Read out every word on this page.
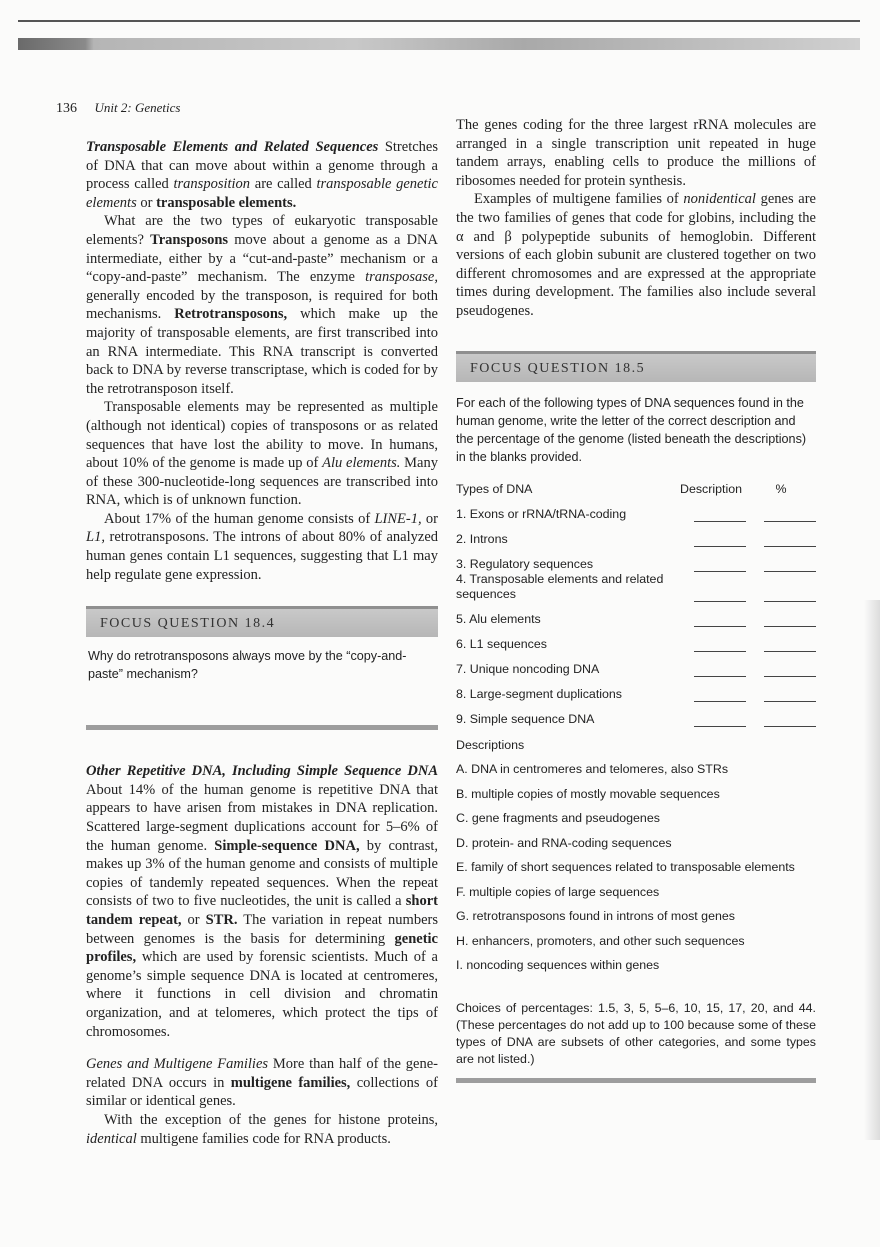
136 Unit 2: Genetics

Transposable Elements and Related Sequences Stretches of DNA that can move about within a genome through a process called transposition are called transposable genetic elements or transposable elements.

What are the two types of eukaryotic transposable elements? Transposons move about a genome as a DNA intermediate, either by a “cut-and-paste” mechanism or a “copy-and-paste” mechanism. The enzyme transposase, generally encoded by the transposon, is required for both mechanisms. Retrotransposons, which make up the majority of transposable elements, are first transcribed into an RNA intermediate. This RNA transcript is converted back to DNA by reverse transcriptase, which is coded for by the retrotransposon itself.

Transposable elements may be represented as multiple (although not identical) copies of transposons or as related sequences that have lost the ability to move. In humans, about 10% of the genome is made up of Alu elements. Many of these 300-nucleotide-long sequences are transcribed into RNA, which is of unknown function.

About 17% of the human genome consists of LINE-1, or L1, retrotransposons. The introns of about 80% of analyzed human genes contain L1 sequences, suggesting that L1 may help regulate gene expression.

FOCUS QUESTION 18.4
Why do retrotransposons always move by the “copy-and-paste” mechanism?

Other Repetitive DNA, Including Simple Sequence DNA About 14% of the human genome is repetitive DNA that appears to have arisen from mistakes in DNA replication. Scattered large-segment duplications account for 5–6% of the human genome. Simple-sequence DNA, by contrast, makes up 3% of the human genome and consists of multiple copies of tandemly repeated sequences. When the repeat consists of two to five nucleotides, the unit is called a short tandem repeat, or STR. The variation in repeat numbers between genomes is the basis for determining genetic profiles, which are used by forensic scientists. Much of a genome’s simple sequence DNA is located at centromeres, where it functions in cell division and chromatin organization, and at telomeres, which protect the tips of chromosomes.

Genes and Multigene Families More than half of the gene-related DNA occurs in multigene families, collections of similar or identical genes.

With the exception of the genes for histone proteins, identical multigene families code for RNA products.

The genes coding for the three largest rRNA molecules are arranged in a single transcription unit repeated in huge tandem arrays, enabling cells to produce the millions of ribosomes needed for protein synthesis.

Examples of multigene families of nonidentical genes are the two families of genes that code for globins, including the α and β polypeptide subunits of hemoglobin. Different versions of each globin subunit are clustered together on two different chromosomes and are expressed at the appropriate times during development. The families also include several pseudogenes.

FOCUS QUESTION 18.5
For each of the following types of DNA sequences found in the human genome, write the letter of the correct description and the percentage of the genome (listed beneath the descriptions) in the blanks provided.
Types of DNA	Description	%
1. Exons or rRNA/tRNA-coding
2. Introns
3. Regulatory sequences
4. Transposable elements and related sequences
5. Alu elements
6. L1 sequences
7. Unique noncoding DNA
8. Large-segment duplications
9. Simple sequence DNA
Descriptions
A. DNA in centromeres and telomeres, also STRs
B. multiple copies of mostly movable sequences
C. gene fragments and pseudogenes
D. protein- and RNA-coding sequences
E. family of short sequences related to transposable elements
F. multiple copies of large sequences
G. retrotransposons found in introns of most genes
H. enhancers, promoters, and other such sequences
I. noncoding sequences within genes
Choices of percentages: 1.5, 3, 5, 5–6, 10, 15, 17, 20, and 44. (These percentages do not add up to 100 because some of these types of DNA are subsets of other categories, and some types are not listed.)
